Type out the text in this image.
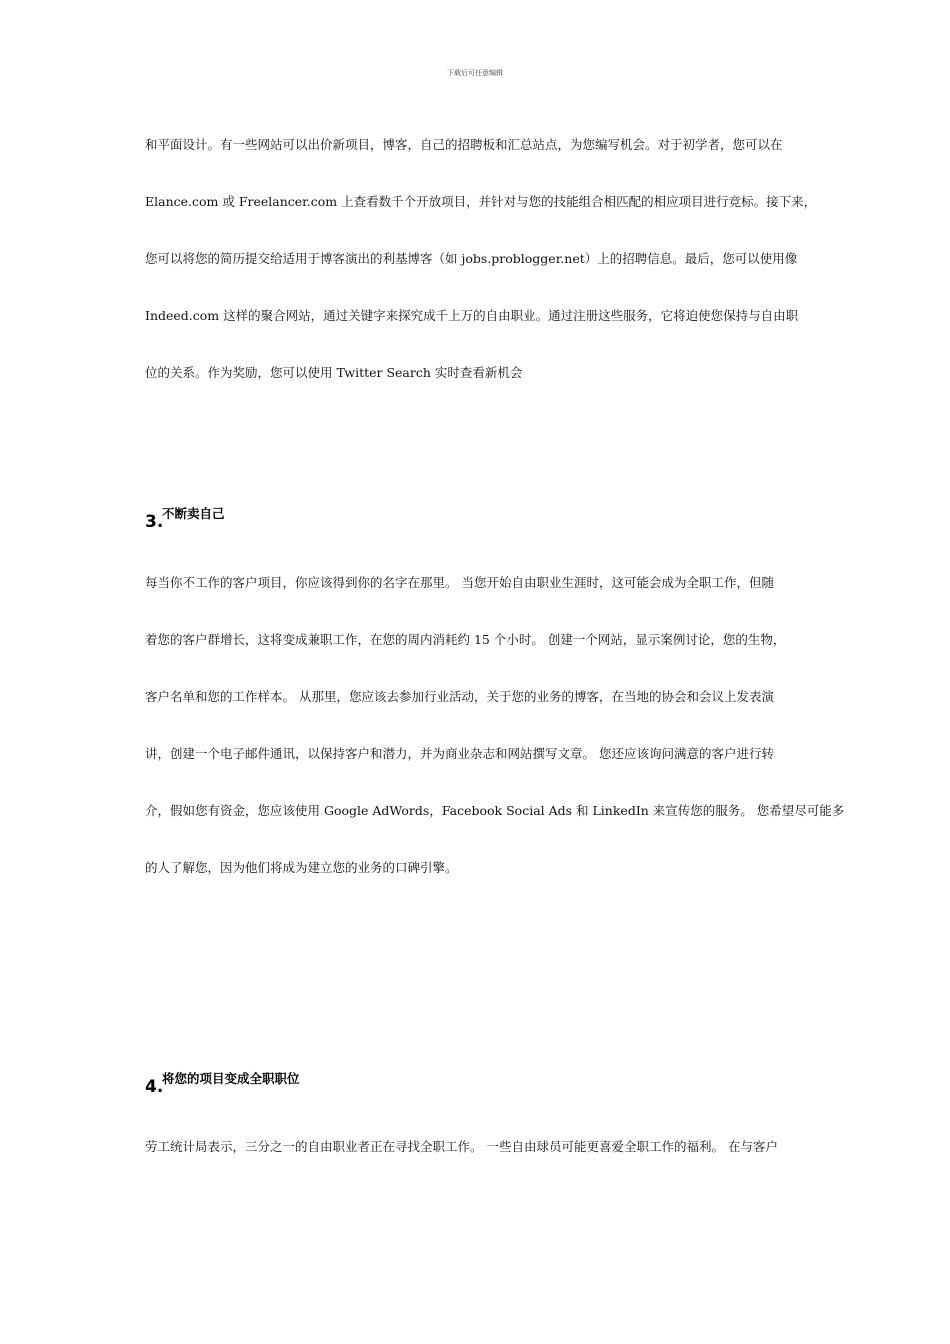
下载后可任意编辑
和平面设计。有一些网站可以出价新项目，博客，自己的招聘板和汇总站点，为您编写机会。对于初学者，您可以在
Elance.com 或 Freelancer.com 上查看数千个开放项目，并针对与您的技能组合相匹配的相应项目进行竞标。接下来，
您可以将您的简历提交给适用于博客演出的利基博客（如 jobs.problogger.net）上的招聘信息。最后，您可以使用像
Indeed.com 这样的聚合网站，通过关键字来探究成千上万的自由职业。通过注册这些服务，它将迫使您保持与自由职
位的关系。作为奖励，您可以使用 Twitter Search 实时查看新机会
3.
不断卖自己
每当你不工作的客户项目，你应该得到你的名字在那里。 当您开始自由职业生涯时，这可能会成为全职工作，但随
着您的客户群增长，这将变成兼职工作，在您的周内消耗约 15 个小时。 创建一个网站，显示案例讨论，您的生物，
客户名单和您的工作样本。 从那里，您应该去参加行业活动，关于您的业务的博客，在当地的协会和会议上发表演
讲，创建一个电子邮件通讯，以保持客户和潜力，并为商业杂志和网站撰写文章。 您还应该询问满意的客户进行转
介，假如您有资金，您应该使用 Google AdWords，Facebook Social Ads 和 LinkedIn 来宣传您的服务。 您希望尽可能多
的人了解您，因为他们将成为建立您的业务的口碑引擎。
4.
将您的项目变成全职职位
劳工统计局表示，三分之一的自由职业者正在寻找全职工作。 一些自由球员可能更喜爱全职工作的福利。 在与客户
